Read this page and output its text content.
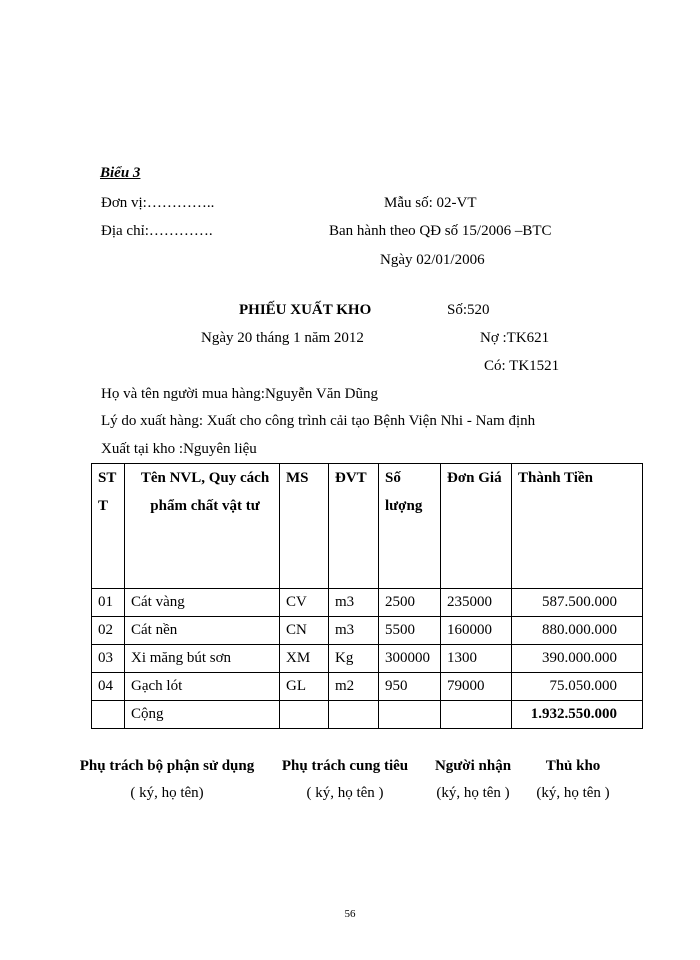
Biểu 3
Đơn vị:…………..	Mẫu số: 02-VT
Địa chỉ:………….	Ban hành theo QĐ số 15/2006 –BTC
Ngày 02/01/2006
PHIẾU XUẤT KHO	Số:520
Ngày 20 tháng 1 năm 2012	Nợ :TK621
Có: TK1521
Họ và tên người mua hàng:Nguyễn Văn Dũng
Lý do xuất hàng: Xuất cho công trình cải tạo Bệnh Viện Nhi - Nam định
Xuất tại kho :Nguyên liệu
ST T	Tên NVL, Quy cách phẩm chất vật tư	MS	ĐVT	Số lượng	Đơn Giá	Thành Tiền
01	Cát vàng	CV	m3	2500	235000	587.500.000
02	Cát nền	CN	m3	5500	160000	880.000.000
03	Xi măng bút sơn	XM	Kg	300000	1300	390.000.000
04	Gạch lót	GL	m2	950	79000	75.050.000
	Cộng					1.932.550.000
Phụ trách bộ phận sử dụng
( ký, họ tên)
Phụ trách cung tiêu
( ký, họ tên )
Người nhận
(ký, họ tên )
Thủ kho
(ký, họ tên )
56
